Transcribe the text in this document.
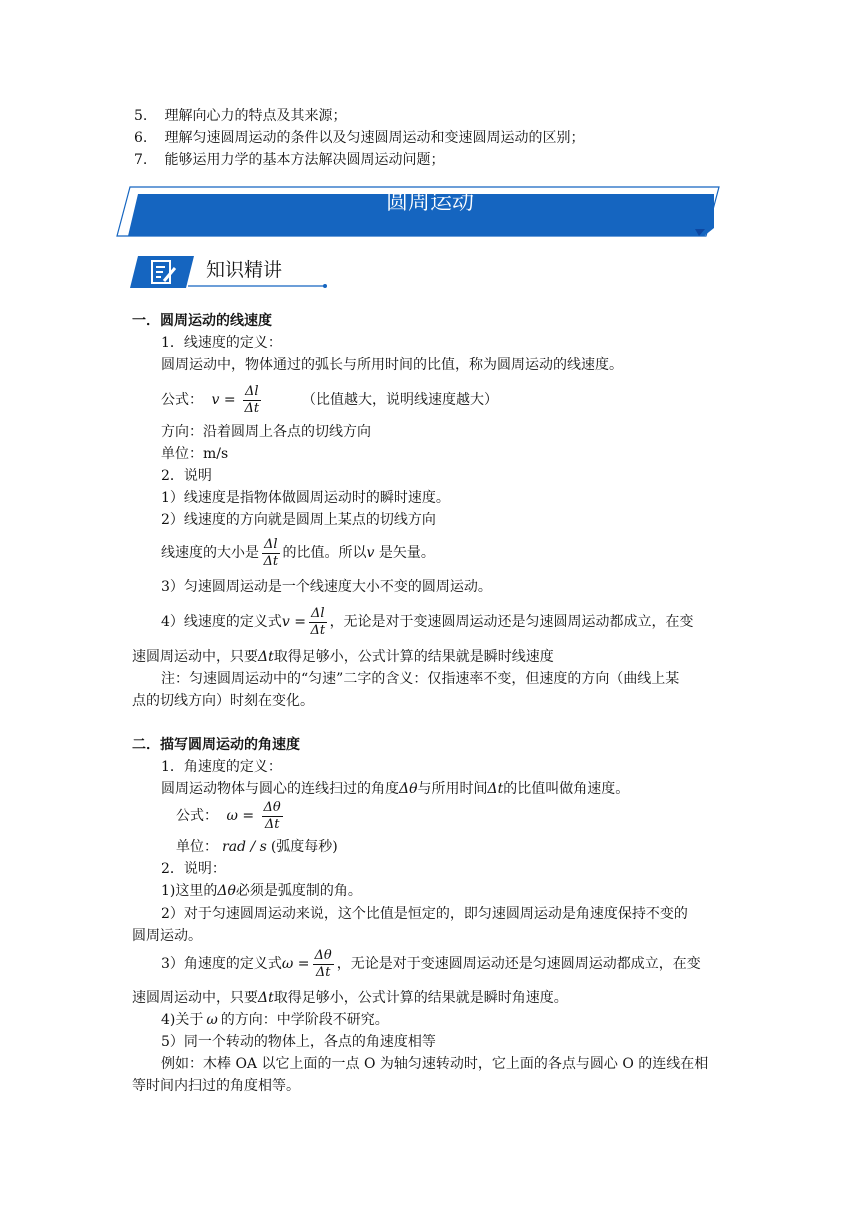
5. 理解向心力的特点及其来源；
6. 理解匀速圆周运动的条件以及匀速圆周运动和变速圆周运动的区别；
7. 能够运用力学的基本方法解决圆周运动问题；
圆周运动
知识精讲
一．圆周运动的线速度
1．线速度的定义：
圆周运动中，物体通过的弧长与所用时间的比值，称为圆周运动的线速度。
公式： $v = \frac{\Delta l}{\Delta t}$	（比值越大，说明线速度越大）
方向：沿着圆周上各点的切线方向
单位：m/s
2．说明
1）线速度是指物体做圆周运动时的瞬时速度。
2）线速度的方向就是圆周上某点的切线方向
线速度的大小是 $\frac{\Delta l}{\Delta t}$ 的比值。所以v 是矢量。
3）匀速圆周运动是一个线速度大小不变的圆周运动。
4）线速度的定义式$v = \frac{\Delta l}{\Delta t}$ ，无论是对于变速圆周运动还是匀速圆周运动都成立，在变
速圆周运动中，只要Δt取得足够小，公式计算的结果就是瞬时线速度
注：匀速圆周运动中的“匀速”二字的含义：仅指速率不变，但速度的方向（曲线上某
点的切线方向）时刻在变化。
二．描写圆周运动的角速度
1．角速度的定义：
圆周运动物体与圆心的连线扫过的角度Δθ与所用时间Δt的比值叫做角速度。
公式： $\omega = \frac{\Delta\theta}{\Delta t}$
单位： rad / s (弧度每秒)
2．说明：
1)这里的Δθ必须是弧度制的角。
2）对于匀速圆周运动来说，这个比值是恒定的，即匀速圆周运动是角速度保持不变的
圆周运动。
3）角速度的定义式$\omega = \frac{\Delta\theta}{\Delta t}$ ，无论是对于变速圆周运动还是匀速圆周运动都成立，在变
速圆周运动中，只要Δt取得足够小，公式计算的结果就是瞬时角速度。
4)关于 ω 的方向：中学阶段不研究。
5）同一个转动的物体上，各点的角速度相等
例如：木棒 OA 以它上面的一点 O 为轴匀速转动时，它上面的各点与圆心 O 的连线在相
等时间内扫过的角度相等。
